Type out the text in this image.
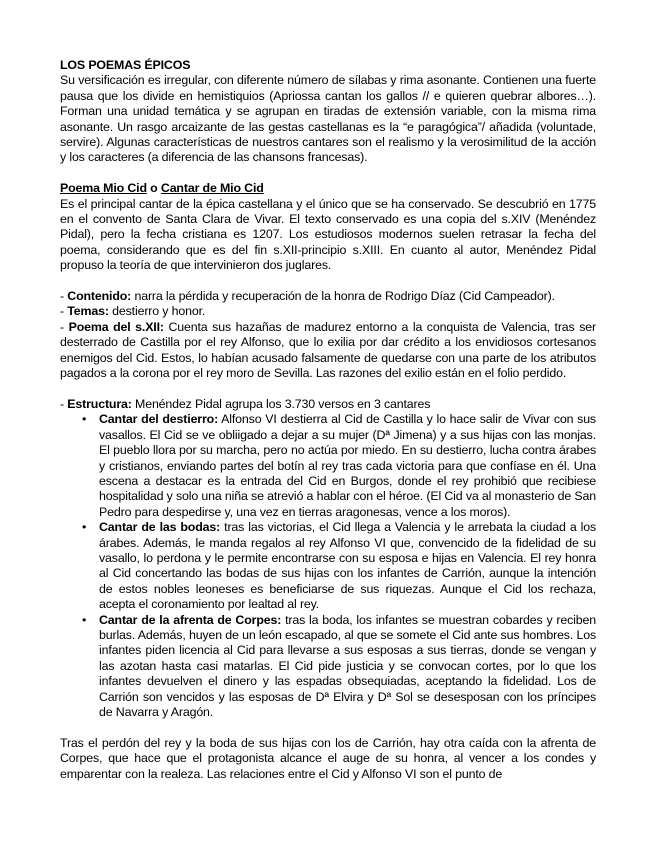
LOS POEMAS ÉPICOS

Su versificación es irregular, con diferente número de sílabas y rima asonante. Contienen una fuerte pausa que los divide en hemistiquios (Apriossa cantan los gallos // e quieren quebrar albores…). Forman una unidad temática y se agrupan en tiradas de extensión variable, con la misma rima asonante. Un rasgo arcaizante de las gestas castellanas es la “e paragógica”/ añadida (voluntade, servire). Algunas características de nuestros cantares son el realismo y la verosimilitud de la acción y los caracteres (a diferencia de las chansons francesas).

Poema Mio Cid o Cantar de Mio Cid

Es el principal cantar de la épica castellana y el único que se ha conservado. Se descubrió en 1775 en el convento de Santa Clara de Vivar. El texto conservado es una copia del s.XIV (Menéndez Pidal), pero la fecha cristiana es 1207. Los estudiosos modernos suelen retrasar la fecha del poema, considerando que es del fin s.XII-principio s.XIII. En cuanto al autor, Menéndez Pidal propuso la teoría de que intervinieron dos juglares.

- Contenido: narra la pérdida y recuperación de la honra de Rodrigo Díaz (Cid Campeador).

- Temas: destierro y honor.

- Poema del s.XII: Cuenta sus hazañas de madurez entorno a la conquista de Valencia, tras ser desterrado de Castilla por el rey Alfonso, que lo exilia por dar crédito a los envidiosos cortesanos enemigos del Cid. Estos, lo habían acusado falsamente de quedarse con una parte de los atributos pagados a la corona por el rey moro de Sevilla. Las razones del exilio están en el folio perdido.

- Estructura: Menéndez Pidal agrupa los 3.730 versos en 3 cantares

• Cantar del destierro: Alfonso VI destierra al Cid de Castilla y lo hace salir de Vivar con sus vasallos. El Cid se ve obliigado a dejar a su mujer (Dª Jimena) y a sus hijas con las monjas. El pueblo llora por su marcha, pero no actúa por miedo. En su destierro, lucha contra árabes y cristianos, enviando partes del botín al rey tras cada victoria para que confíase en él. Una escena a destacar es la entrada del Cid en Burgos, donde el rey prohibió que recibiese hospitalidad y solo una niña se atrevió a hablar con el héroe. (El Cid va al monasterio de San Pedro para despedirse y, una vez en tierras aragonesas, vence a los moros).
• Cantar de las bodas: tras las victorias, el Cid llega a Valencia y le arrebata la ciudad a los árabes. Además, le manda regalos al rey Alfonso VI que, convencido de la fidelidad de su vasallo, lo perdona y le permite encontrarse con su esposa e hijas en Valencia. El rey honra al Cid concertando las bodas de sus hijas con los infantes de Carrión, aunque la intención de estos nobles leoneses es beneficiarse de sus riquezas. Aunque el Cid los rechaza, acepta el coronamiento por lealtad al rey.
• Cantar de la afrenta de Corpes: tras la boda, los infantes se muestran cobardes y reciben burlas. Además, huyen de un león escapado, al que se somete el Cid ante sus hombres. Los infantes piden licencia al Cid para llevarse a sus esposas a sus tierras, donde se vengan y las azotan hasta casi matarlas. El Cid pide justicia y se convocan cortes, por lo que los infantes devuelven el dinero y las espadas obsequiadas, aceptando la fidelidad. Los de Carrión son vencidos y las esposas de Dª Elvira y Dª Sol se desesposan con los príncipes de Navarra y Aragón.

Tras el perdón del rey y la boda de sus hijas con los de Carrión, hay otra caída con la afrenta de Corpes, que hace que el protagonista alcance el auge de su honra, al vencer a los condes y emparentar con la realeza. Las relaciones entre el Cid y Alfonso VI son el punto de
